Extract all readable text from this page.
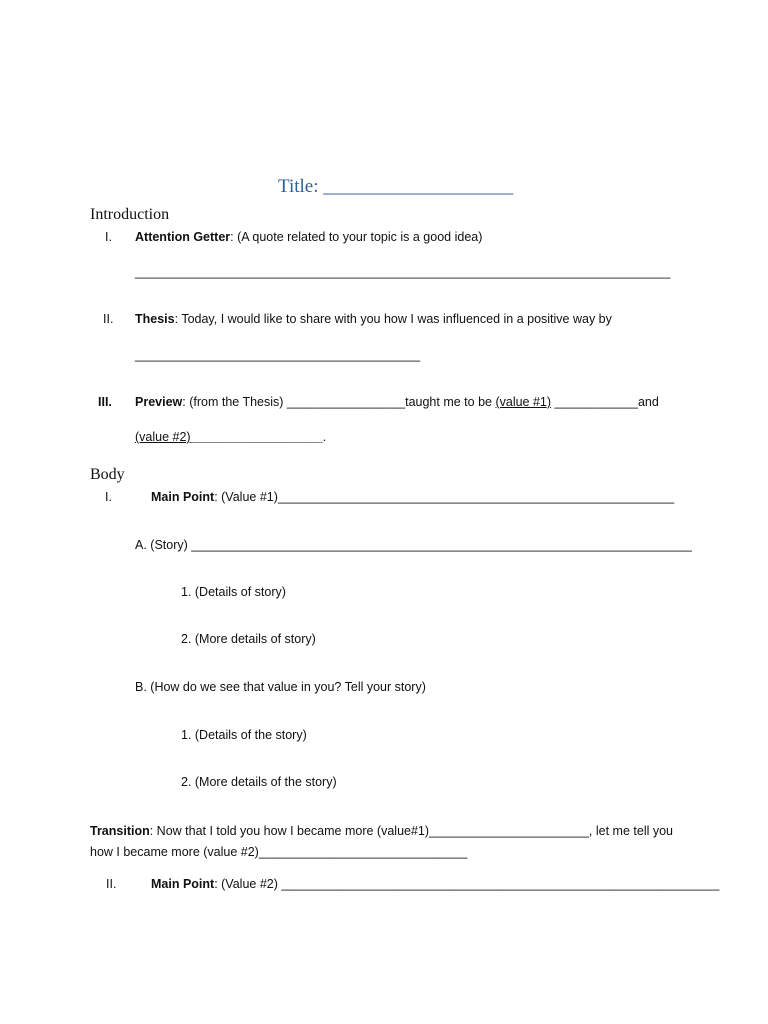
Title: ____________________
Introduction
I. Attention Getter: (A quote related to your topic is a good idea)
_____________________________________________________________________________
II. Thesis: Today, I would like to share with you how I was influenced in a positive way by
_________________________________________
III. Preview: (from the Thesis) _________________taught me to be (value #1) ____________and
(value #2)___________________.
Body
I.	Main Point: (Value #1)_________________________________________________________
A. (Story) ________________________________________________________________________
1. (Details of story)
2. (More details of story)
B. (How do we see that value in you? Tell your story)
1. (Details of the story)
2. (More details of the story)
Transition: Now that I told you how I became more (value#1)_______________________, let me tell you
how I became more (value #2)______________________________
II.	Main Point: (Value #2) _______________________________________________________________
